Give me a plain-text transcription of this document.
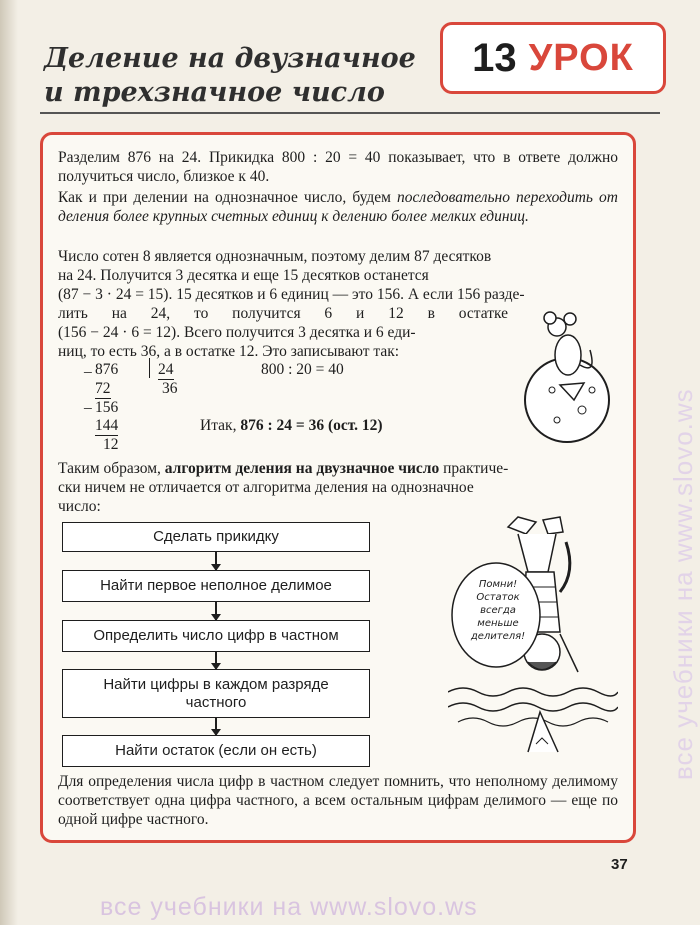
Деление на двузначное
и трехзначное число
13 УРОК

Разделим 876 на 24. Прикидка 800 : 20 = 40 показывает, что в ответе должно получиться число, близкое к 40.

Как и при делении на однозначное число, будем последовательно переходить от деления более крупных счетных единиц к делению более мелких единиц.

Число сотен 8 является однозначным, поэтому делим 87 десятков
на 24. Получится 3 десятка и еще 15 десятков останется
(87 − 3 · 24 = 15). 15 десятков и 6 единиц — это 156. А если 156 разде-
лить на 24, то получится 6 и 12 в остатке
(156 − 24 · 6 = 12). Всего получится 3 десятка и 6 еди-
ниц, то есть 36, а в остатке 12. Это записывают так:
_ 876	24
36
72
_ 156
144
12
800 : 20 = 40
Итак, 876 : 24 = 36 (ост. 12)
Таким образом, алгоритм деления на двузначное число практиче-
ски ничем не отличается от алгоритма деления на однозначное
число:
Сделать прикидку
Найти первое неполное делимое
Определить число цифр в частном
Найти цифры в каждом разряде частного
Найти остаток (если он есть)
Помни!
Остаток
всегда
меньше
делителя!

Для определения числа цифр в частном следует помнить, что неполному делимому соответствует одна цифра частного, а всем остальным цифрам делимого — еще по одной цифре частного.

37
все учебники на www.slovo.ws
все учебники на www.slovo.ws
